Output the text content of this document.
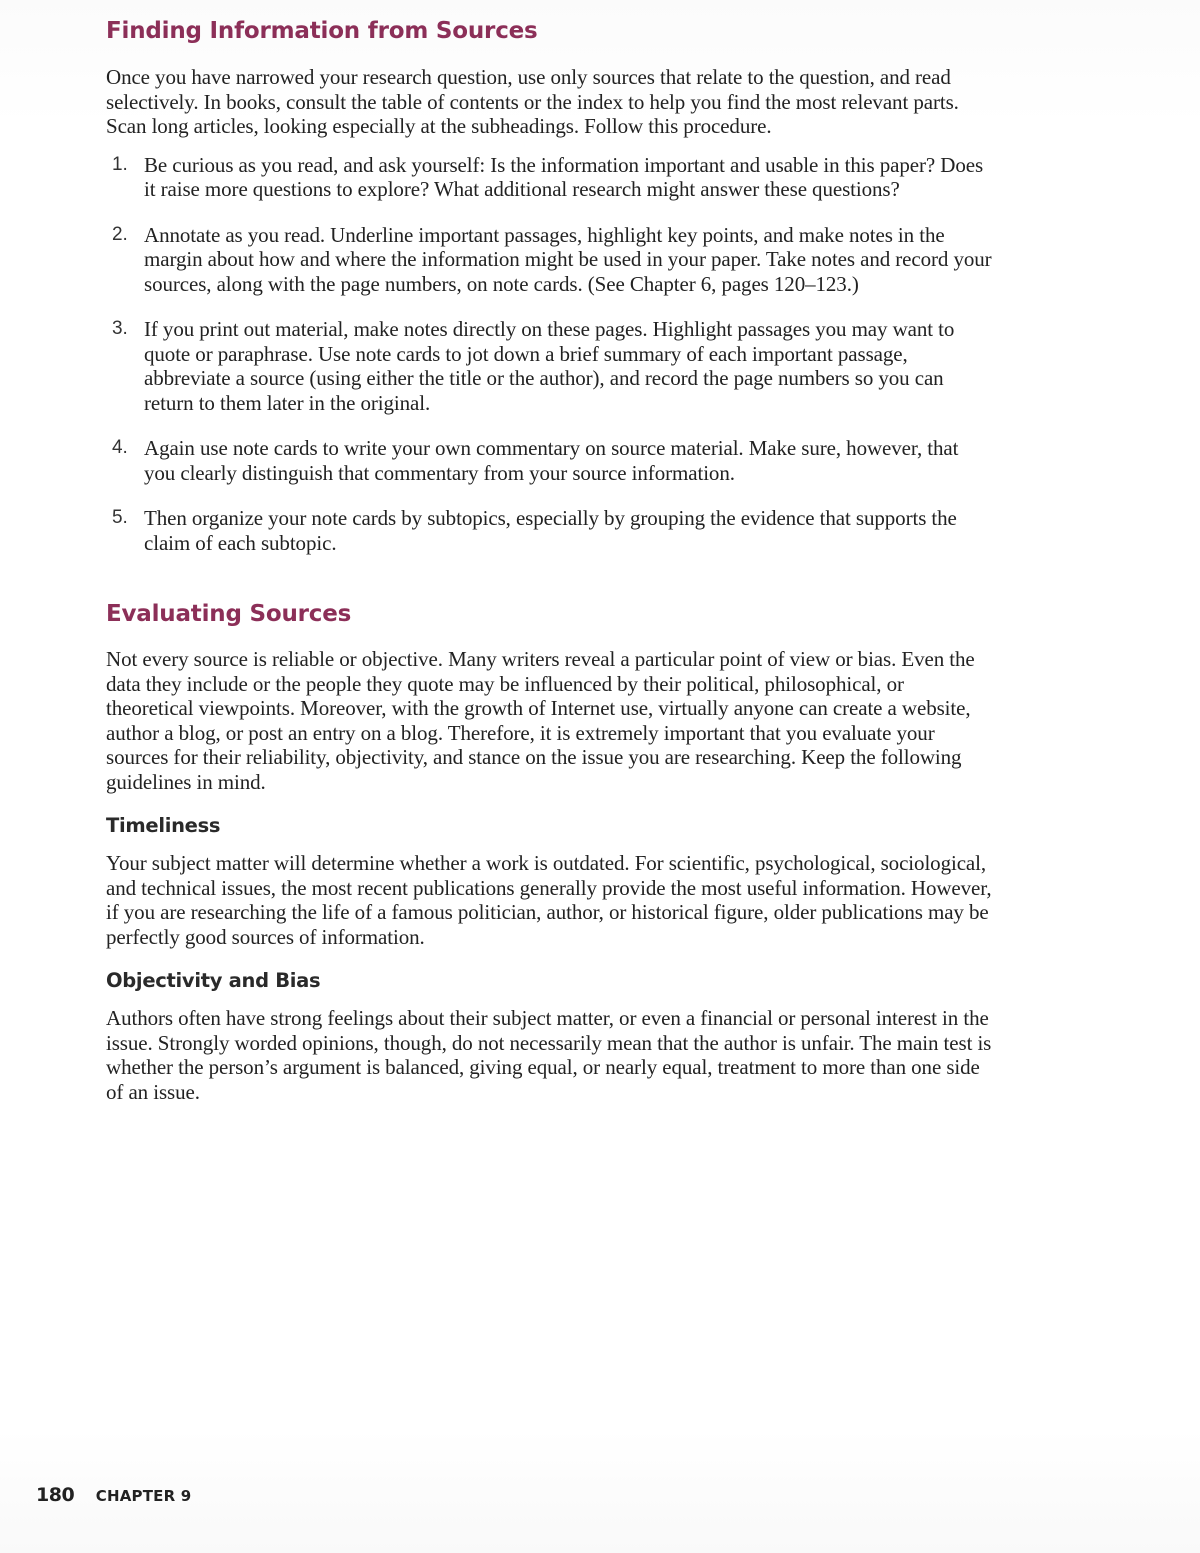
Finding Information from Sources

Once you have narrowed your research question, use only sources that relate to the question, and read selectively. In books, consult the table of contents or the index to help you find the most relevant parts. Scan long articles, looking especially at the subheadings. Follow this procedure.

1. Be curious as you read, and ask yourself: Is the information important and usable in this paper? Does it raise more questions to explore? What additional research might answer these questions?
2. Annotate as you read. Underline important passages, highlight key points, and make notes in the margin about how and where the information might be used in your paper. Take notes and record your sources, along with the page numbers, on note cards. (See Chapter 6, pages 120–123.)
3. If you print out material, make notes directly on these pages. Highlight passages you may want to quote or paraphrase. Use note cards to jot down a brief summary of each important passage, abbreviate a source (using either the title or the author), and record the page numbers so you can return to them later in the original.
4. Again use note cards to write your own commentary on source material. Make sure, however, that you clearly distinguish that commentary from your source information.
5. Then organize your note cards by subtopics, especially by grouping the evidence that supports the claim of each subtopic.
Evaluating Sources

Not every source is reliable or objective. Many writers reveal a particular point of view or bias. Even the data they include or the people they quote may be influenced by their political, philosophical, or theoretical viewpoints. Moreover, with the growth of Internet use, virtually anyone can create a website, author a blog, or post an entry on a blog. Therefore, it is extremely important that you evaluate your sources for their reliability, objectivity, and stance on the issue you are researching. Keep the following guidelines in mind.

Timeliness

Your subject matter will determine whether a work is outdated. For scientific, psychological, sociological, and technical issues, the most recent publications generally provide the most useful information. However, if you are researching the life of a famous politician, author, or historical figure, older publications may be perfectly good sources of information.

Objectivity and Bias

Authors often have strong feelings about their subject matter, or even a financial or personal interest in the issue. Strongly worded opinions, though, do not necessarily mean that the author is unfair. The main test is whether the person’s argument is balanced, giving equal, or nearly equal, treatment to more than one side of an issue.

180 CHAPTER 9
